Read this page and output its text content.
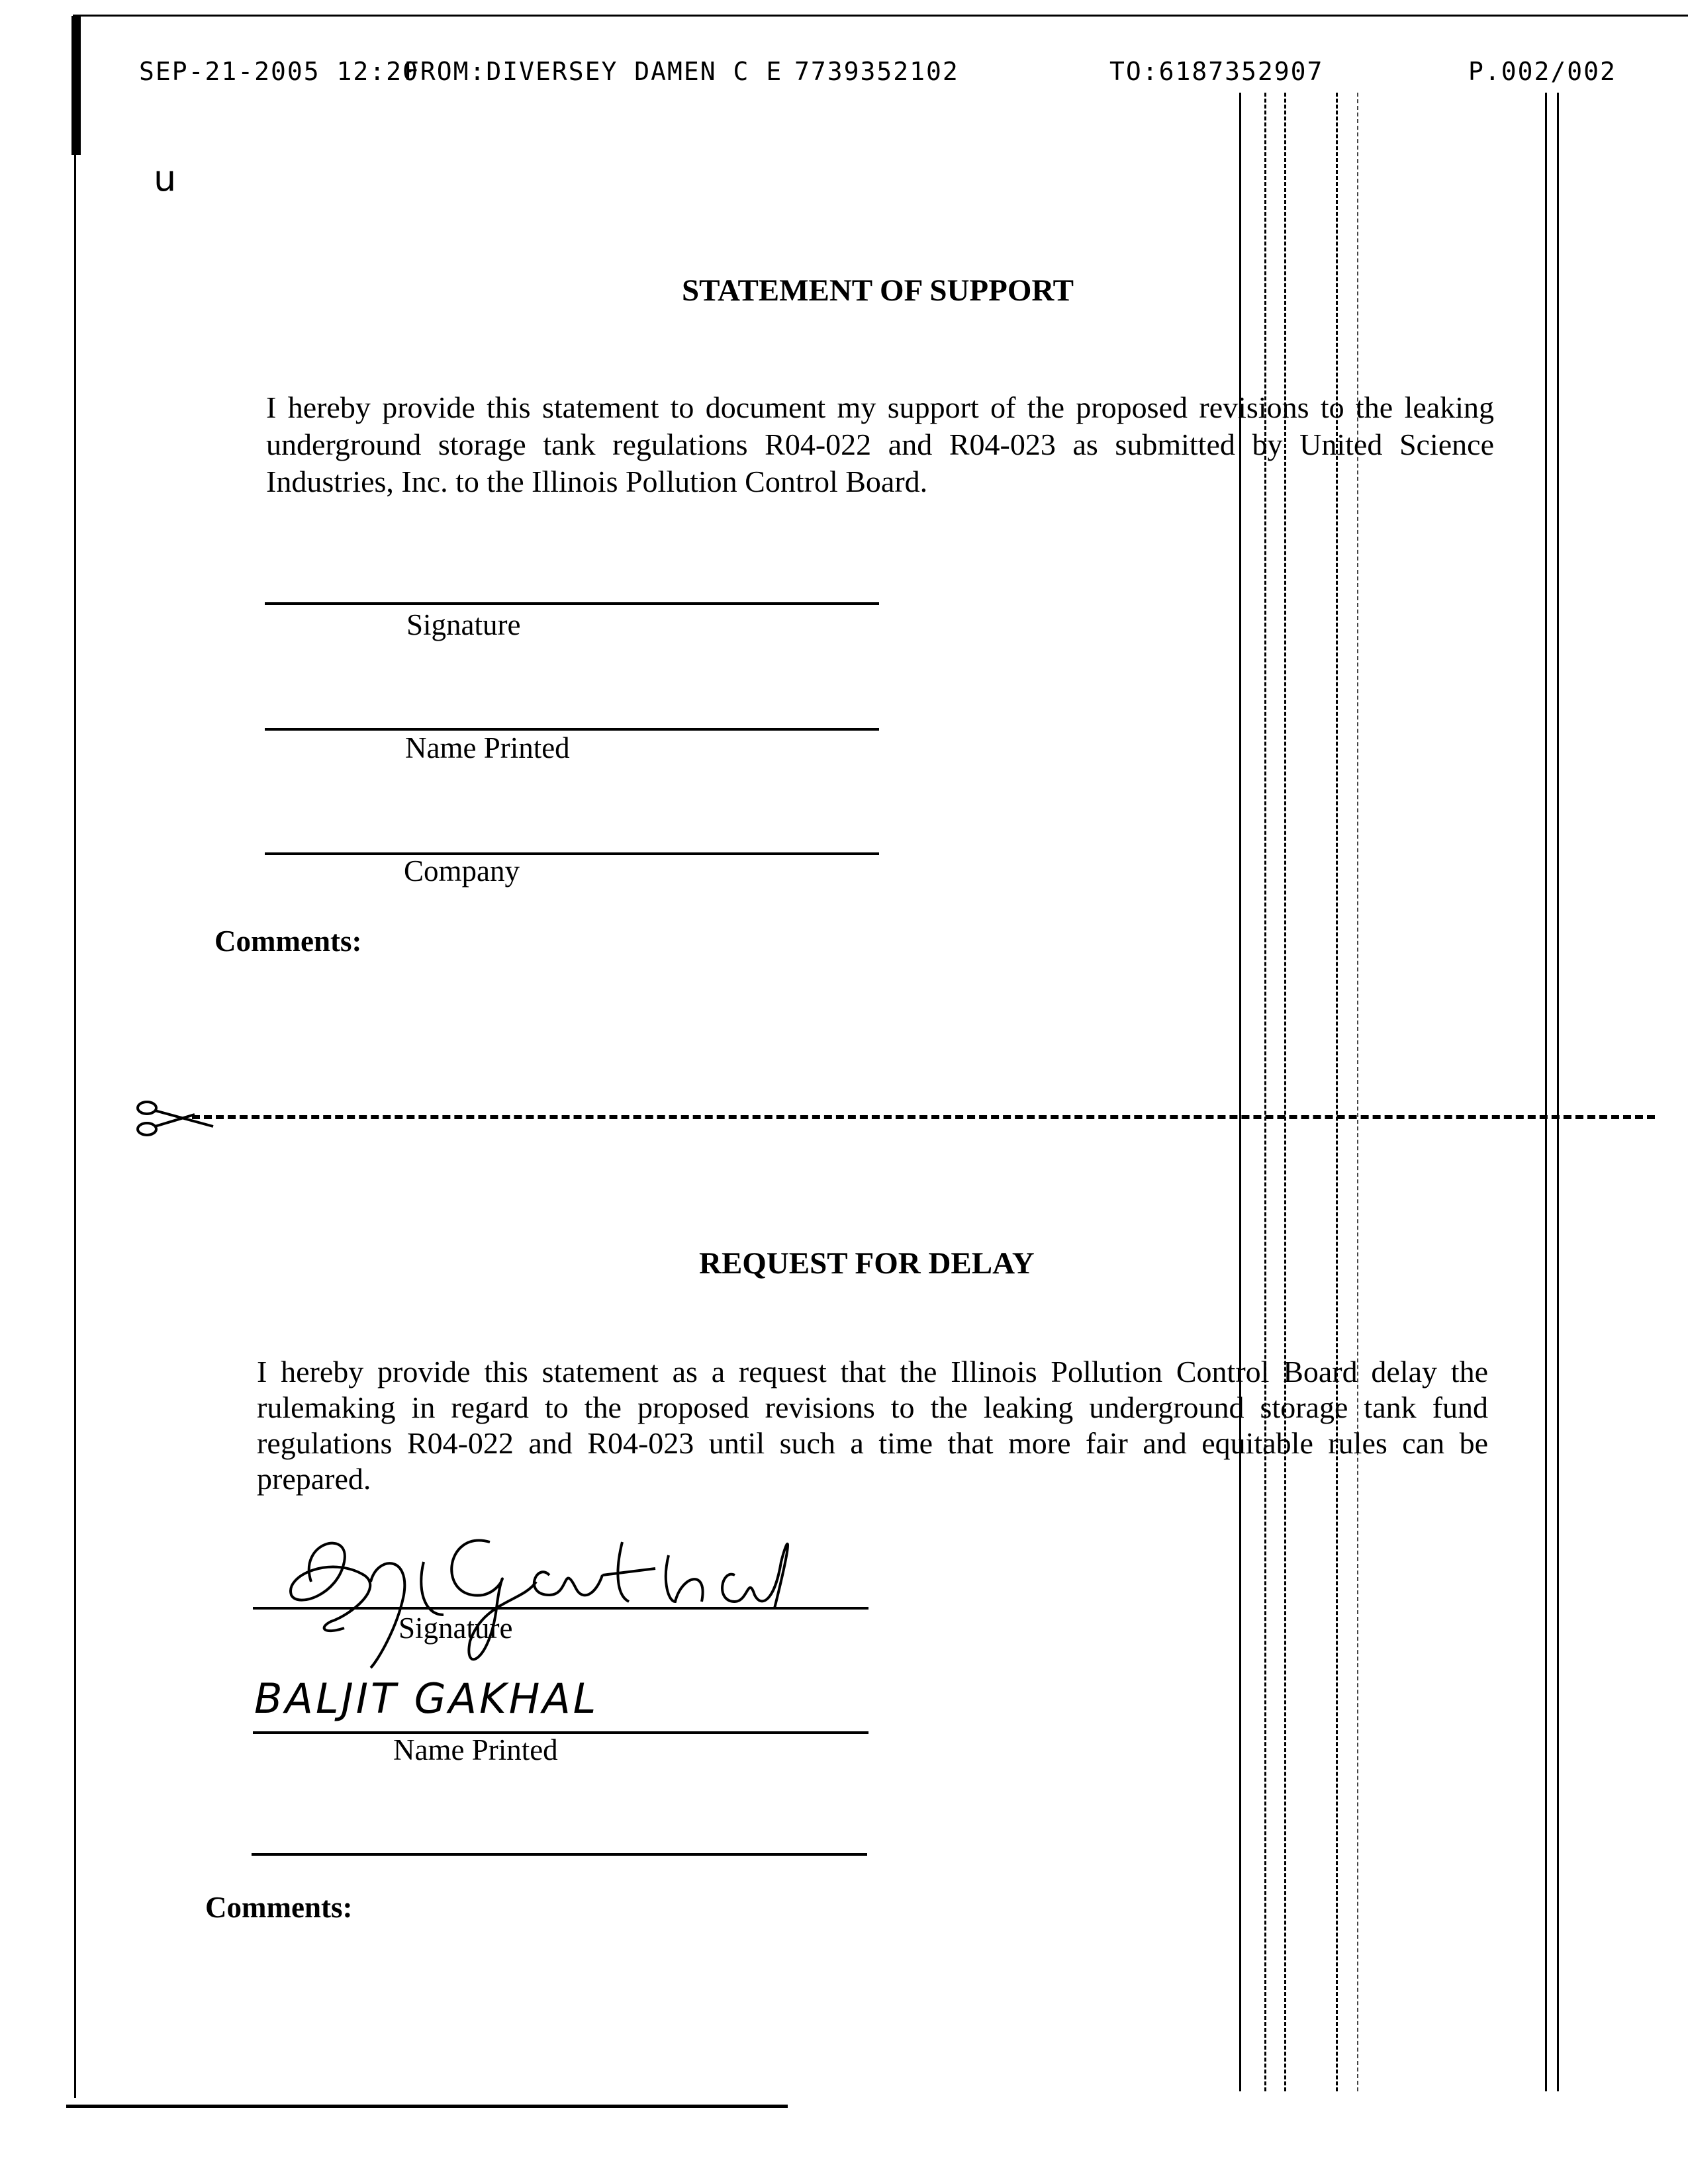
SEP-21-2005 12:20
FROM:DIVERSEY DAMEN C E 7739352102	TO:6187352907	P.002/002
u
STATEMENT OF SUPPORT
I hereby provide this statement to document my support of the proposed revisions to the leaking underground storage tank regulations R04-022 and R04-023 as submitted by United Science Industries, Inc. to the Illinois Pollution Control Board.
Signature
Name Printed
Company
Comments:
REQUEST FOR DELAY
I hereby provide this statement as a request that the Illinois Pollution Control Board delay the rulemaking in regard to the proposed revisions to the leaking underground storage tank fund regulations R04-022 and R04-023 until such a time that more fair and equitable rules can be prepared.
Signature
BALJIT GAKHAL
Name Printed
Comments:
